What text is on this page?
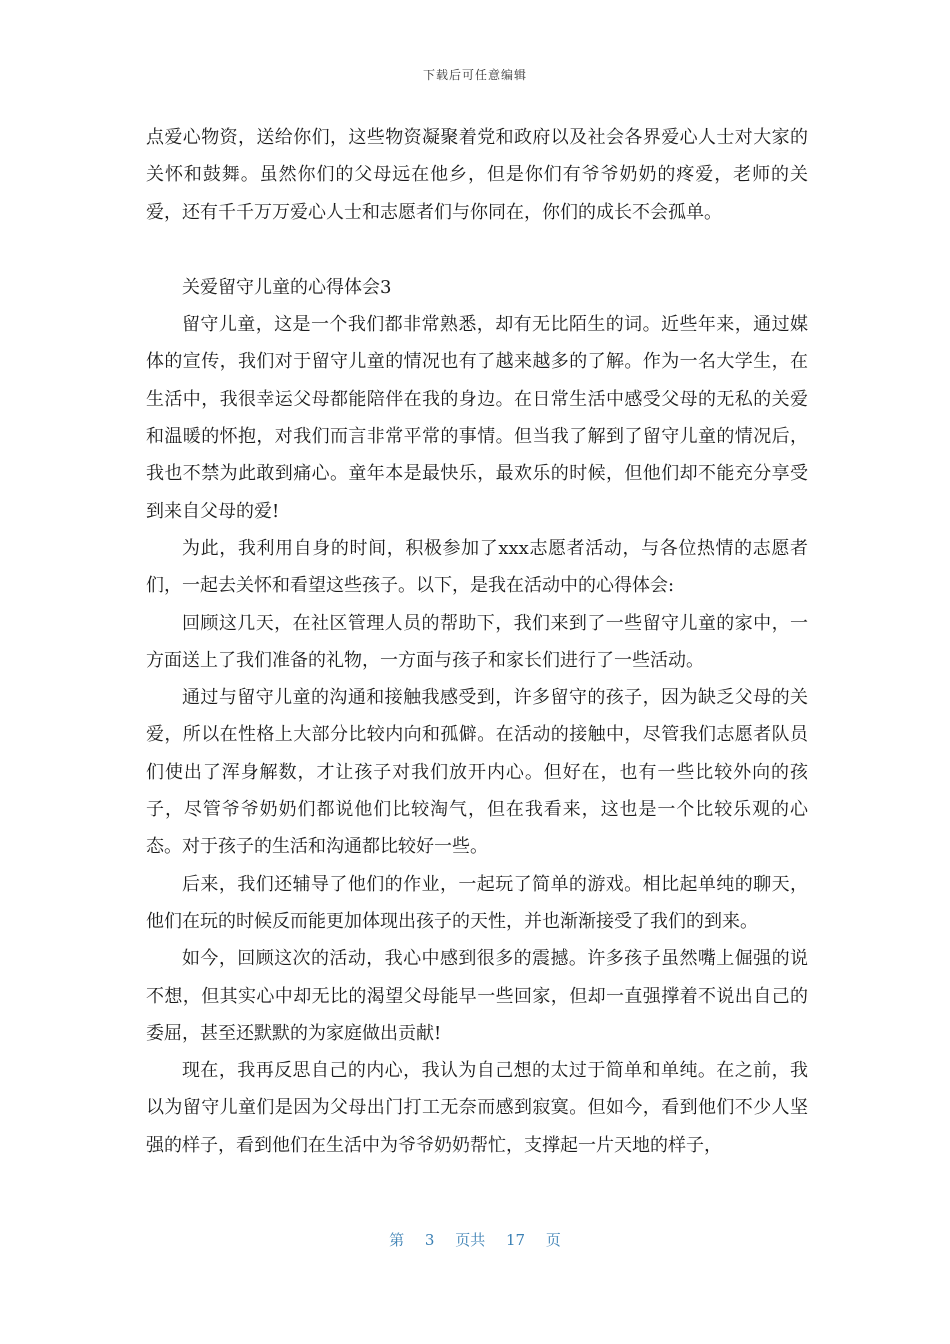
下载后可任意编辑

点爱心物资，送给你们，这些物资凝聚着党和政府以及社会各界爱心人士对大家的关怀和鼓舞。虽然你们的父母远在他乡，但是你们有爷爷奶奶的疼爱，老师的关爱，还有千千万万爱心人士和志愿者们与你同在，你们的成长不会孤单。

关爱留守儿童的心得体会3

留守儿童，这是一个我们都非常熟悉，却有无比陌生的词。近些年来，通过媒体的宣传，我们对于留守儿童的情况也有了越来越多的了解。作为一名大学生，在生活中，我很幸运父母都能陪伴在我的身边。在日常生活中感受父母的无私的关爱和温暖的怀抱，对我们而言非常平常的事情。但当我了解到了留守儿童的情况后，我也不禁为此敢到痛心。童年本是最快乐，最欢乐的时候，但他们却不能充分享受到来自父母的爱!

为此，我利用自身的时间，积极参加了xxx志愿者活动，与各位热情的志愿者们，一起去关怀和看望这些孩子。以下，是我在活动中的心得体会:

回顾这几天，在社区管理人员的帮助下，我们来到了一些留守儿童的家中，一方面送上了我们准备的礼物，一方面与孩子和家长们进行了一些活动。

通过与留守儿童的沟通和接触我感受到，许多留守的孩子，因为缺乏父母的关爱，所以在性格上大部分比较内向和孤僻。在活动的接触中，尽管我们志愿者队员们使出了浑身解数，才让孩子对我们放开内心。但好在，也有一些比较外向的孩子，尽管爷爷奶奶们都说他们比较淘气，但在我看来，这也是一个比较乐观的心态。对于孩子的生活和沟通都比较好一些。

后来，我们还辅导了他们的作业，一起玩了简单的游戏。相比起单纯的聊天，他们在玩的时候反而能更加体现出孩子的天性，并也渐渐接受了我们的到来。

如今，回顾这次的活动，我心中感到很多的震撼。许多孩子虽然嘴上倔强的说不想，但其实心中却无比的渴望父母能早一些回家，但却一直强撑着不说出自己的委屈，甚至还默默的为家庭做出贡献!

现在，我再反思自己的内心，我认为自己想的太过于简单和单纯。在之前，我以为留守儿童们是因为父母出门打工无奈而感到寂寞。但如今，看到他们不少人坚强的样子，看到他们在生活中为爷爷奶奶帮忙，支撑起一片天地的样子，

第 3 页共 17 页
